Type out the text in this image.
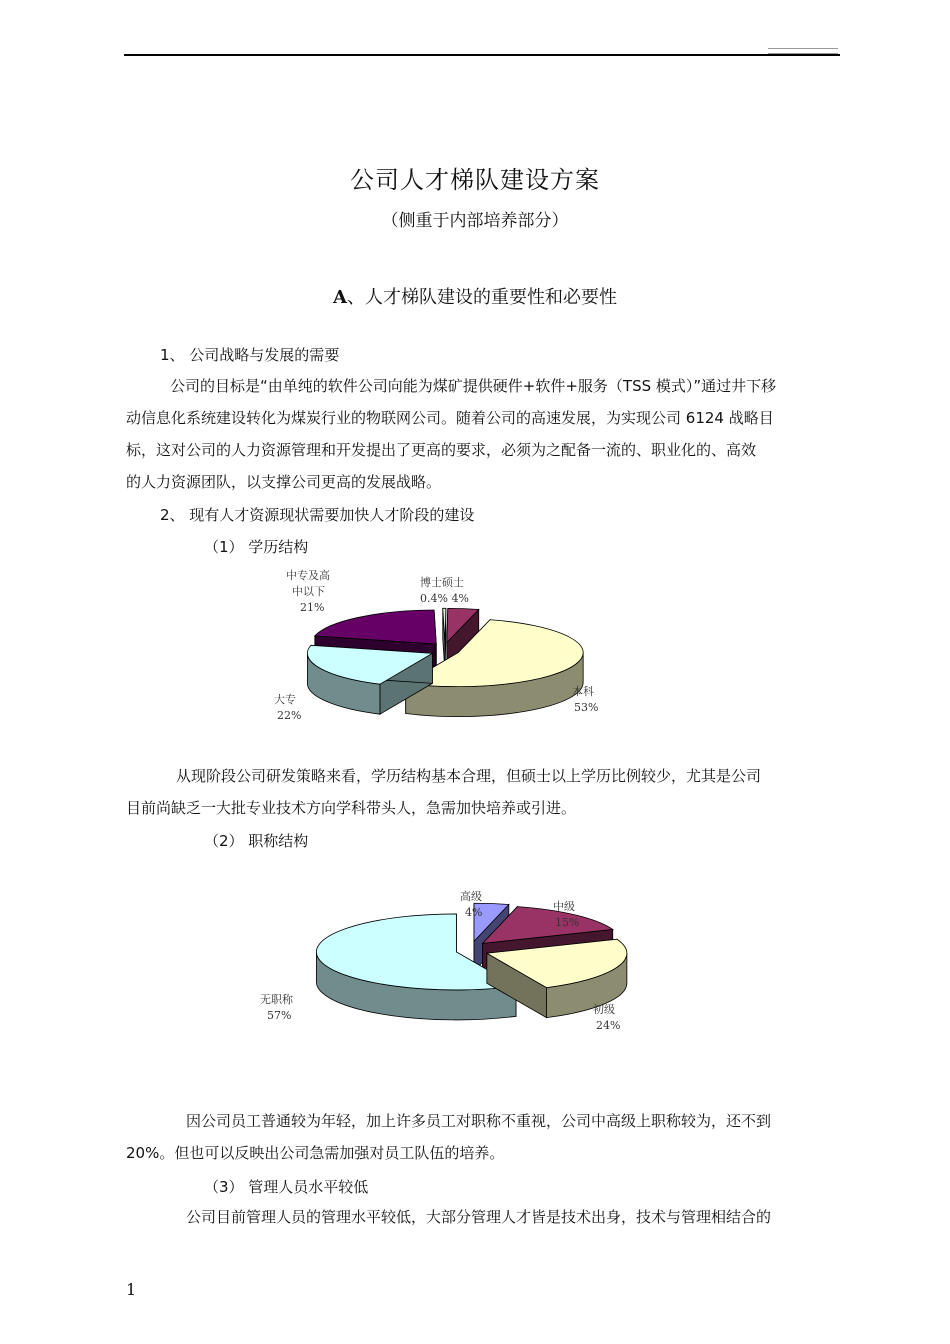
公司人才梯队建设方案
（侧重于内部培养部分）
A、人才梯队建设的重要性和必要性
1、 公司战略与发展的需要
公司的目标是“由单纯的软件公司向能为煤矿提供硬件+软件+服务（TSS 模式）”通过井下移
动信息化系统建设转化为煤炭行业的物联网公司。随着公司的高速发展，为实现公司 6124 战略目
标，这对公司的人力资源管理和开发提出了更高的要求，必须为之配备一流的、职业化的、高效
的人力资源团队，以支撑公司更高的发展战略。
2、 现有人才资源现状需要加快人才阶段的建设
（1） 学历结构
博士硕士
0.4% 4%
中专及高
中以下
21%
大专
22%
本科
53%
从现阶段公司研发策略来看，学历结构基本合理，但硕士以上学历比例较少，尤其是公司
目前尚缺乏一大批专业技术方向学科带头人，急需加快培养或引进。
（2） 职称结构
高级
4%	中级
15%
初级
24%
无职称
57%
因公司员工普通较为年轻，加上许多员工对职称不重视，公司中高级上职称较为，还不到
20%。但也可以反映出公司急需加强对员工队伍的培养。
（3） 管理人员水平较低
公司目前管理人员的管理水平较低，大部分管理人才皆是技术出身，技术与管理相结合的
1
